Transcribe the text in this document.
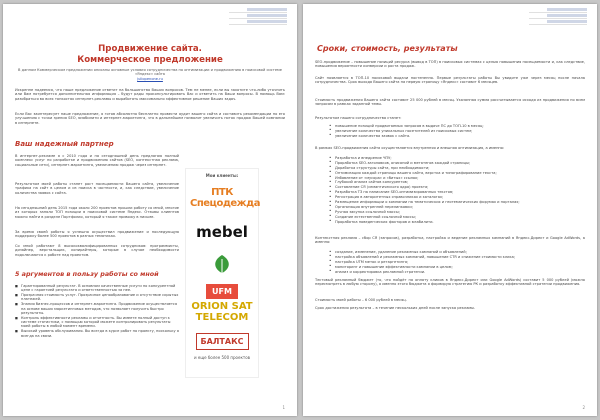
Продвижение сайта.
Коммерческое предложение
В данном Коммерческом предложении описаны основные условия сотрудничества по оптимизации и продвижению в поисковой системе «Яндекс» сайта
juliopenone.ru
Искренне надеемся, что наше предложение ответит на большинство Ваших вопросов. Тем не менее, если вы захотите что-либо уточнить или Вам потребуется дополнительная информация – будут рады проконсультировать Вас и ответить на Ваши вопросы. В помощь Вам: разобраться во всех тонкостях интернет-рекламы и выработать максимально эффективное решение Ваших задач.
Если Вас заинтересует наше предложение, я готов абсолютно бесплатно провести аудит вашего сайта и составить рекомендации по его улучшению с точки зрения SEO, юзабилити и интернет-маркетинга, что в дальнейшем позволит увеличить поток продаж Вашей компании в интернете.
Ваш надежный партнер
В интернет-рекламе я с 2010 года и на сегодняшний день предлагаю полный комплекс услуг по разработке и продвижению сайтов (SEO, контекстная реклама, социальные сети), интернет-маркетинга, увеличению продаж через интернет.
Результатом моей работы станет рост посещаемости Вашего сайта, увеличение трафика на сайт в целом и из поиска в частности, и, как следствие, увеличение количества заявок с сайта.
На сегодняшний день 2015 года около 200 проектов прошли работу со мной, многие из которых заняли ТОП позиции в поисковой системе Яндекс. Отзывы клиентов можно найти в разделе Портфолио, который я также привожу в письме.
За время своей работы я успешно осуществил продвижение и последующую поддержку более 500 проектов в разных тематиках.
Со мной работают 8 высококвалифицированных сотрудников: программисты, дизайнер, верстальщик, копирайтеры, которые в случае необходимости подключаются к работе над проектом.
5 аргументов в пользу работы со мной
■ Гарантированный результат. В основном качественные услуги по конкурентной цене с гарантией результата и ответственностью за нее.
■ Прозрачная стоимость услуг. Прозрачное ценообразование и отсутствие скрытых платежей.
■ Знания бизнес-процессов и интернет-маркетинга. Продвижение осуществляется на основе ваших маркетинговых методов, что позволяет получить быстро результаты.
■ Контроль эффективности рекламы и отчетность. Вы имеете полный доступ к системе статистики, с помощью которой можете контролировать результаты моей работы в любой момент времени.
■ Высокий уровень обслуживания. Вы всегда в курсе работ по проекту, поскольку я всегда на связи.
Мои клиенты:
ПТК Спецодежда
mebel
UFM
ORION SAT TELECOM
БАЛТАКС
и еще более 500 проектов
1
Сроки, стоимость, результаты
SEO-продвижение – повышение позиций ресурса (вывод в ТОП) в поисковых системах с целью повышения посещаемости и, как следствие, повышения вероятности конверсии и роста продаж.
Сайт появляется в ТОП-10 поисковой выдачи постепенно. Первые результаты работы Вы увидите уже через месяц после начала сотрудничества. Срок выхода Вашего сайта на первую страницу «Яндекс» составит 6 месяцев.
Стоимость продвижения Вашего сайта составит 25 000 рублей в месяц. Указанная сумма рассчитывается исходя из продвижения по всем запросам в рамках заданной темы.
Результатом нашего сотрудничества станет:
• повышение позиций продвигаемых запросов в выдаче ПС до ТОП-10 в месяц;
• увеличение количества уникальных посетителей из поисковых систем;
• увеличение количества заявок с сайта.
В рамках SEO-продвижения сайта осуществляется внутренняя и внешняя оптимизация, а именно:
• Разработка и внедрение ЧПУ;
• Проработка SEO-заголовков, описаний и метатегов каждой страницы;
• Доработка структуры сайта, при необходимости;
• Оптимизация каждой страницы вашего сайта, верстка и типографирование текста;
• Избавление от «мусора» и «битых» ссылок;
• Глубокий анализ сайтов конкурентов;
• Составление СЯ (семантического ядра) проекта;
• Разработка ТЗ на написание SEO-оптимизированных текстов;
• Регистрация в авторитетных справочниках и каталогах;
• Размещение информации о компании на тематических и геотематических форумах и порталах;
• Организация внутренней перелинковки;
• Ручная закупка ссылочной массы;
• Создание естественной ссылочной массы;
• Проработка поведенческих факторов и юзабилити.
Контекстная реклама – сбор СЯ (запросов), разработка, настройка и ведение рекламных кампаний в Яндекс.Директ и Google AdWords, а именно:
• создание, изменение, удаление рекламных кампаний и объявлений;
• настройка объявлений и рекламных кампаний, повышение CTR и снижение стоимости клика;
• настройка UTM меток и ретаргетинга;
• мониторинг и повышение эффективности кампании в целом;
• анализ и корректировка рекламной стратегии.
Тестовый рекламный бюджет (то, что пойдёт на оплату кликов в Яндекс.Директ или Google AdWords) составит 5 000 рублей (можно пересмотреть в любую сторону), а именно этого бюджета я формирую стратегию РК и разработку эффективной стратегии продвижения.
Стоимость моей работы – 6 000 рублей в месяц.
Срок достижения результата – в течение нескольких дней после запуска рекламы.
2
